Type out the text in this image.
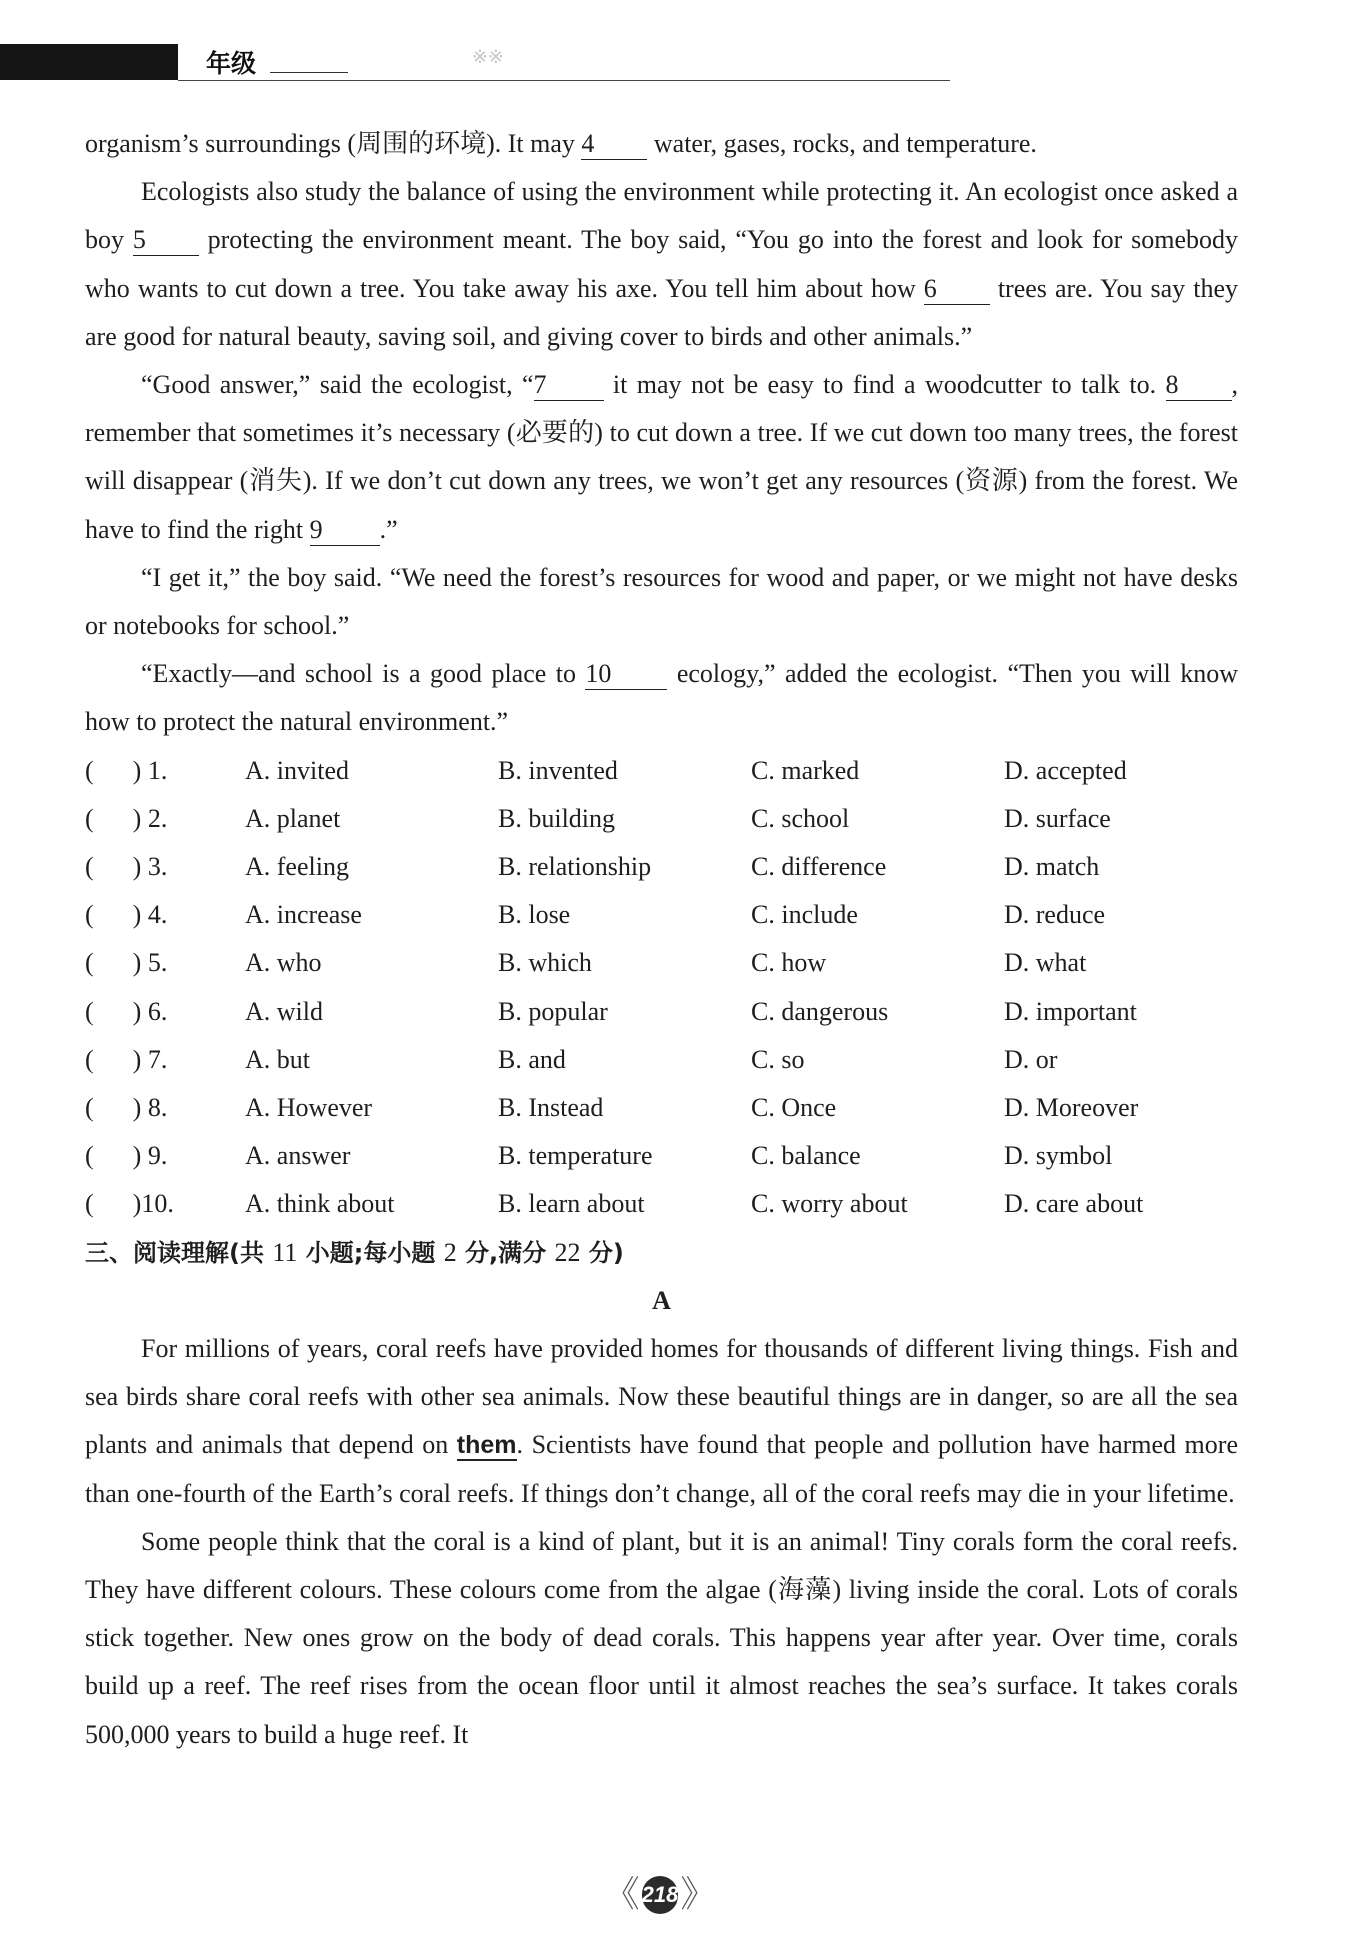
年级	※※

organism’s surroundings (周围的环境). It may 4 water, gases, rocks, and temperature.

Ecologists also study the balance of using the environment while protecting it. An ecologist once asked a boy 5 protecting the environment meant. The boy said, “You go into the forest and look for somebody who wants to cut down a tree. You take away his axe. You tell him about how 6 trees are. You say they are good for natural beauty, saving soil, and giving cover to birds and other animals.”

“Good answer,” said the ecologist, “7 it may not be easy to find a woodcutter to talk to. 8 , remember that sometimes it’s necessary (必要的) to cut down a tree. If we cut down too many trees, the forest will disappear (消失). If we don’t cut down any trees, we won’t get any resources (资源) from the forest. We have to find the right 9 .”

“I get it,” the boy said. “We need the forest’s resources for wood and paper, or we might not have desks or notebooks for school.”

“Exactly—and school is a good place to 10 ecology,” added the ecologist. “Then you will know how to protect the natural environment.”

(      ) 1.	A. invited	B. invented	C. marked	D. accepted
(      ) 2.	A. planet	B. building	C. school	D. surface
(      ) 3.	A. feeling	B. relationship	C. difference	D. match
(      ) 4.	A. increase	B. lose	C. include	D. reduce
(      ) 5.	A. who	B. which	C. how	D. what
(      ) 6.	A. wild	B. popular	C. dangerous	D. important
(      ) 7.	A. but	B. and	C. so	D. or
(      ) 8.	A. However	B. Instead	C. Once	D. Moreover
(      ) 9.	A. answer	B. temperature	C. balance	D. symbol
(      )10.	A. think about	B. learn about	C. worry about	D. care about
三、阅读理解(共 11 小题;每小题 2 分,满分 22 分)
A

For millions of years, coral reefs have provided homes for thousands of different living things. Fish and sea birds share coral reefs with other sea animals. Now these beautiful things are in danger, so are all the sea plants and animals that depend on them. Scientists have found that people and pollution have harmed more than one-fourth of the Earth’s coral reefs. If things don’t change, all of the coral reefs may die in your lifetime.

Some people think that the coral is a kind of plant, but it is an animal! Tiny corals form the coral reefs. They have different colours. These colours come from the algae (海藻) living inside the coral. Lots of corals stick together. New ones grow on the body of dead corals. This happens year after year. Over time, corals build up a reef. The reef rises from the ocean floor until it almost reaches the sea’s surface. It takes corals 500,000 years to build a huge reef. It

《 218 》
